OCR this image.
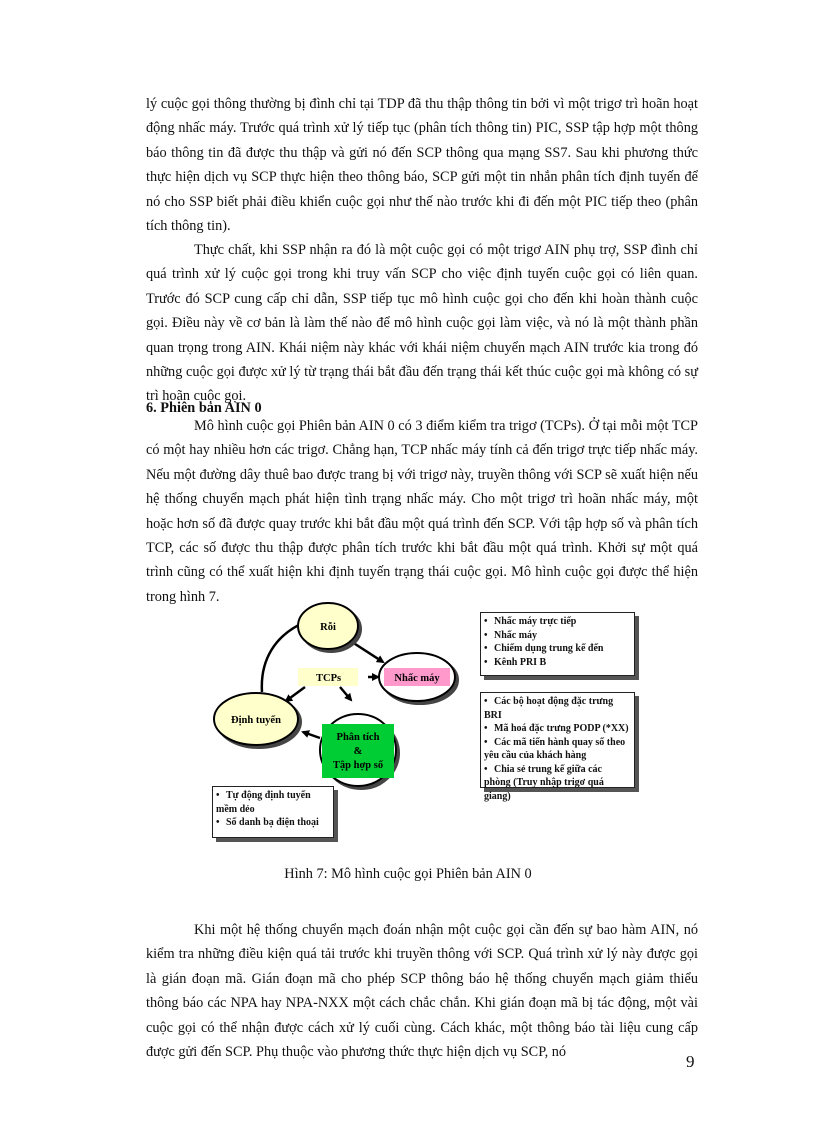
lý cuộc gọi thông thường bị đình chỉ tại TDP đã thu thập thông tin bởi vì một trigơ trì hoãn hoạt động nhấc máy. Trước quá trình xử lý tiếp tục (phân tích thông tin) PIC, SSP tập hợp một thông báo thông tin đã được thu thập và gửi nó đến SCP thông qua mạng SS7. Sau khi phương thức thực hiện dịch vụ SCP thực hiện theo thông báo, SCP gửi một tin nhắn phân tích định tuyến để nó cho SSP biết phải điều khiển cuộc gọi như thế nào trước khi đi đến một PIC tiếp theo (phân tích thông tin).

Thực chất, khi SSP nhận ra đó là một cuộc gọi có một trigơ AIN phụ trợ, SSP đình chỉ quá trình xử lý cuộc gọi trong khi truy vấn SCP cho việc định tuyến cuộc gọi có liên quan. Trước đó SCP cung cấp chỉ dẫn, SSP tiếp tục mô hình cuộc gọi cho đến khi hoàn thành cuộc gọi. Điều này về cơ bản là làm thế nào để mô hình cuộc gọi làm việc, và nó là một thành phần quan trọng trong AIN. Khái niệm này khác với khái niệm chuyển mạch AIN trước kia trong đó những cuộc gọi được xử lý từ trạng thái bắt đầu đến trạng thái kết thúc cuộc gọi mà không có sự trì hoãn cuộc gọi.

6. Phiên bản AIN 0

Mô hình cuộc gọi Phiên bản AIN 0 có 3 điểm kiểm tra trigơ (TCPs). Ở tại mỗi một TCP có một hay nhiều hơn các trigơ. Chẳng hạn, TCP nhấc máy tính cả đến trigơ trực tiếp nhấc máy. Nếu một đường dây thuê bao được trang bị với trigơ này, truyền thông với SCP sẽ xuất hiện nếu hệ thống chuyển mạch phát hiện tình trạng nhấc máy. Cho một trigơ trì hoãn nhấc máy, một hoặc hơn số đã được quay trước khi bắt đầu một quá trình đến SCP. Với tập hợp số và phân tích TCP, các số được thu thập được phân tích trước khi bắt đầu một quá trình. Khởi sự một quá trình cũng có thể xuất hiện khi định tuyến trạng thái cuộc gọi. Mô hình cuộc gọi được thể hiện trong hình 7.

Rỗi
Nhấc máy
TCPs
Định tuyến
Phân tích
&
Tập hợp số
• Nhấc máy trực tiếp
• Nhấc máy
• Chiếm dụng trung kế đến
• Kênh PRI B
• Các bộ hoạt động đặc trưng BRI
• Mã hoá đặc trưng PODP (*XX)
• Các mã tiến hành quay số theo yêu cầu của khách hàng
• Chia sẻ trung kế giữa các phòng (Truy nhập trigơ quá giang)
• Tự động định tuyến mềm dẻo
• Số danh bạ điện thoại

Hình 7: Mô hình cuộc gọi Phiên bản AIN 0

Khi một hệ thống chuyển mạch đoán nhận một cuộc gọi cần đến sự bao hàm AIN, nó kiểm tra những điều kiện quá tải trước khi truyền thông với SCP. Quá trình xử lý này được gọi là gián đoạn mã. Gián đoạn mã cho phép SCP thông báo hệ thống chuyển mạch giảm thiểu thông báo các NPA hay NPA-NXX một cách chắc chắn. Khi gián đoạn mã bị tác động, một vài cuộc gọi có thể nhận được cách xử lý cuối cùng. Cách khác, một thông báo tài liệu cung cấp được gửi đến SCP. Phụ thuộc vào phương thức thực hiện dịch vụ SCP, nó	9
